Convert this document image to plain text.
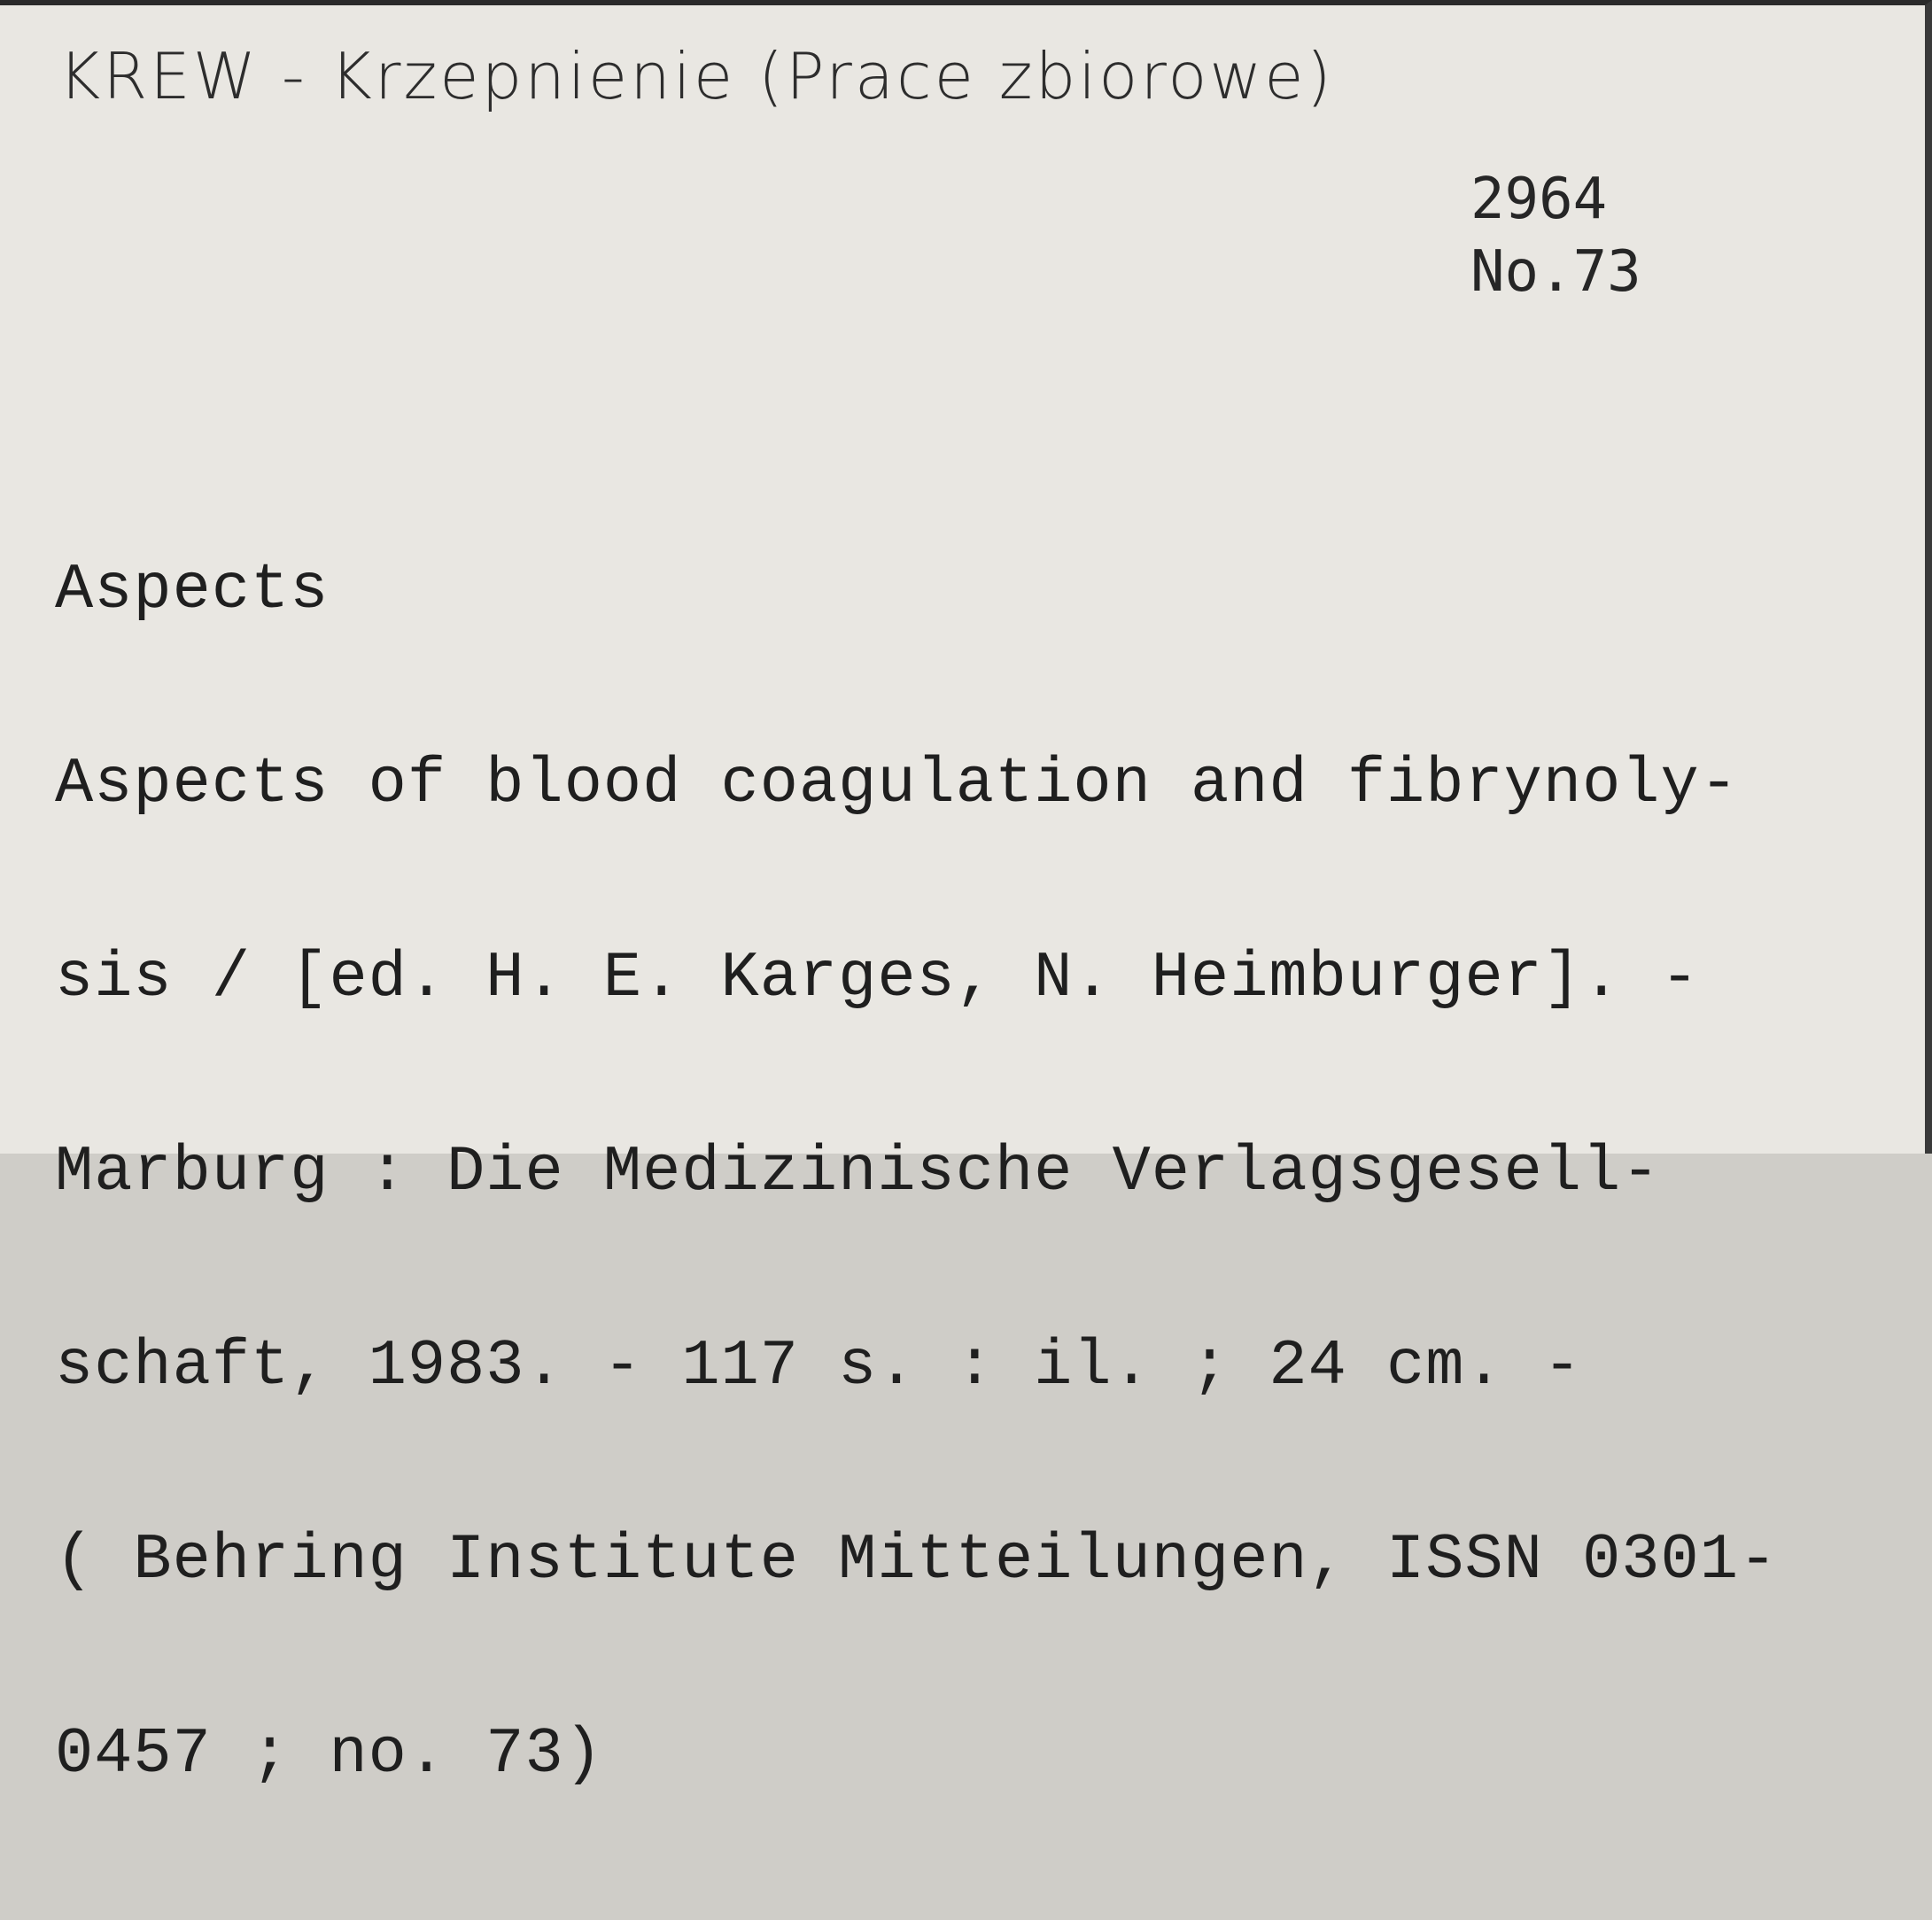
KREW - Krzepnienie (Prace zbiorowe)
2964
No.73

Aspects

Aspects of blood coagulation and fibrynoly-

sis / [ed. H. E. Karges, N. Heimburger]. -

Marburg : Die Medizinische Verlagsgesell-

schaft, 1983. - 117 s. : il. ; 24 cm. -

( Behring Institute Mitteilungen, ISSN 0301-

0457 ; no. 73)
